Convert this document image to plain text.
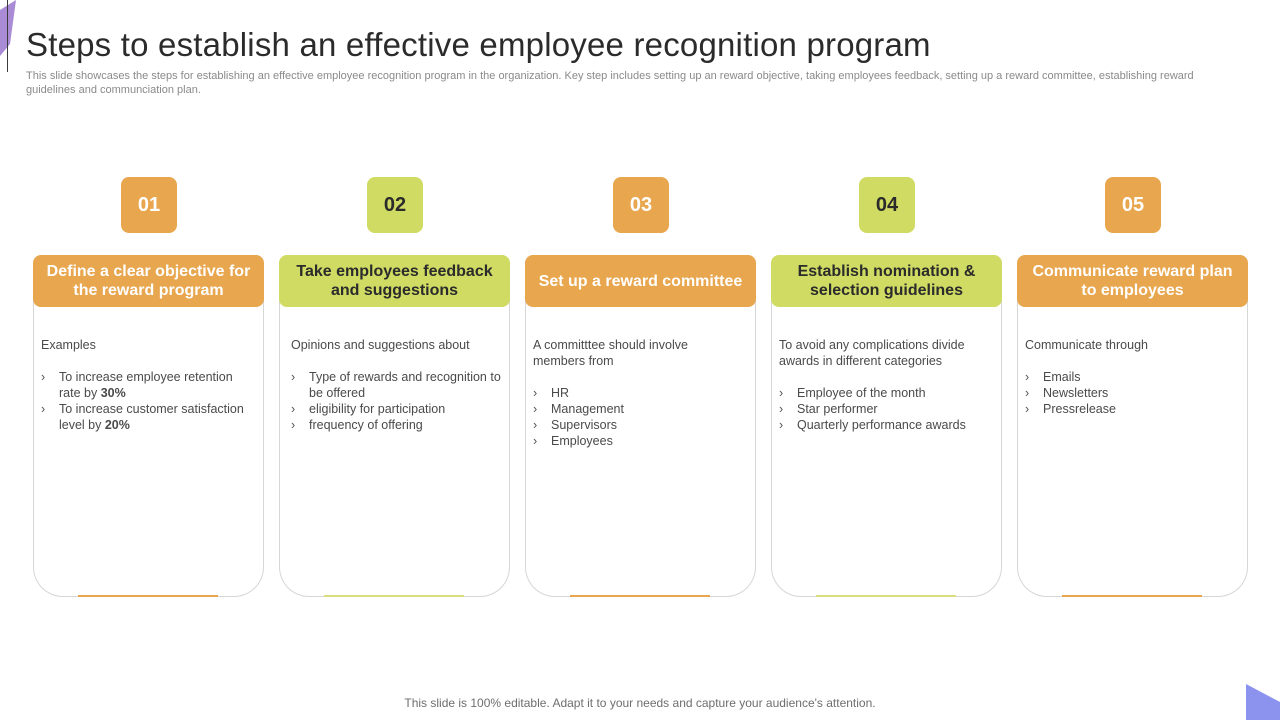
Steps to establish an effective employee recognition program

This slide showcases the steps for establishing an effective employee recognition program in the organization. Key step includes setting up an reward objective, taking employees feedback, setting up a reward committee, establishing reward guidelines and communciation plan.

01
Define a clear objective for the reward program
Examples
› To increase employee retention rate by 30%
› To increase customer satisfaction level by 20%
02
Take employees feedback and suggestions
Opinions and suggestions about
› Type of rewards and recognition to be offered
› eligibility for participation
› frequency of offering
03
Set up a reward committee
A committtee should involve members from
› HR
› Management
› Supervisors
› Employees
04
Establish nomination & selection guidelines
To avoid any complications divide awards in different categories
› Employee of the month
› Star performer
› Quarterly performance awards
05
Communicate reward plan to employees
Communicate through
› Emails
› Newsletters
› Pressrelease

This slide is 100% editable. Adapt it to your needs and capture your audience's attention.
